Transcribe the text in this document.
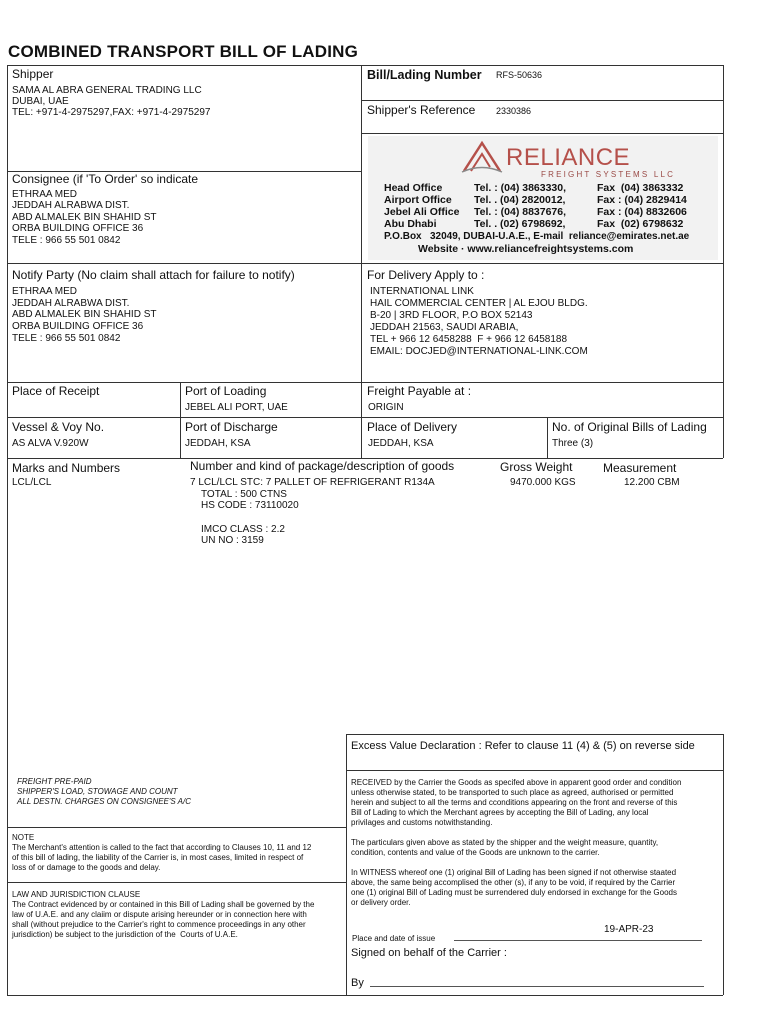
COMBINED TRANSPORT BILL OF LADING
Shipper
SAMA AL ABRA GENERAL TRADING LLC
DUBAI, UAE
TEL: +971-4-2975297,FAX: +971-4-2975297
Bill/Lading Number RFS-50636
Shipper's Reference 2330386
RELIANCE
FREIGHT SYSTEMS LLC
Head Office	Tel. : (04) 3863330,	Fax  (04) 3863332
Airport Office Tel. . (04) 2820012,	Fax : (04) 2829414
Jebel Ali Office Tel. : (04) 8837676,	Fax : (04) 8832606
Abu Dhabi	Tel. . (02) 6798692,	Fax  (02) 6798632
P.O.Box   32049, DUBAI-U.A.E., E-mail  reliance@emirates.net.ae
Website · www.reliancefreightsystems.com
Consignee (if 'To Order' so indicate
ETHRAA MED
JEDDAH ALRABWA DIST.
ABD ALMALEK BIN SHAHID ST
ORBA BUILDING OFFICE 36
TELE : 966 55 501 0842
Notify Party (No claim shall attach for failure to notify)
ETHRAA MED
JEDDAH ALRABWA DIST.
ABD ALMALEK BIN SHAHID ST
ORBA BUILDING OFFICE 36
TELE : 966 55 501 0842
For Delivery Apply to :
INTERNATIONAL LINK
HAIL COMMERCIAL CENTER | AL EJOU BLDG.
B-20 | 3RD FLOOR, P.O BOX 52143
JEDDAH 21563, SAUDI ARABIA,
TEL + 966 12 6458288  F + 966 12 6458188
EMAIL: DOCJED@INTERNATIONAL-LINK.COM
Place of Receipt	Port of Loading
JEBEL ALI PORT, UAE
Freight Payable at :
ORIGIN
Vessel & Voy No.
AS ALVA V.920W
Port of Discharge
JEDDAH, KSA
Place of Delivery
JEDDAH, KSA
No. of Original Bills of Lading
Three (3)
Marks and Numbers	Number and kind of package/description of goods	Gross Weight	Measurement
LCL/LCL	7 LCL/LCL STC: 7 PALLET OF REFRIGERANT R134A
TOTAL : 500 CTNS
HS CODE : 73110020
IMCO CLASS : 2.2
UN NO : 3159
9470.000 KGS	12.200 CBM
Excess Value Declaration : Refer to clause 11 (4) & (5) on reverse side
FREIGHT PRE-PAID
SHIPPER'S LOAD, STOWAGE AND COUNT
ALL DESTN. CHARGES ON CONSIGNEE'S A/C
NOTE
The Merchant's attention is called to the fact that according to Clauses 10, 11 and 12
of this bill of lading, the liability of the Carrier is, in most cases, limited in respect of
loss of or damage to the goods and delay.
LAW AND JURISDICTION CLAUSE
The Contract evidenced by or contained in this Bill of Lading shall be governed by the
law of U.A.E. and any claiim or dispute arising hereunder or in connection here with
shall (without prejudice to the Carrier's right to commence proceedings in any other
jurisdiction) be subject to the jurisdiction of the  Courts of U.A.E.
RECEIVED by the Carrier the Goods as specifed above in apparent good order and condition
unless otherwise stated, to be transported to such place as agreed, authorised or permitted
herein and subject to all the terms and cconditions appearing on the front and reverse of this
Bill of Lading to which the Merchant agrees by accepting the Bill of Lading, any local
privilages and customs notwithstanding.
The particulars given above as stated by the shipper and the weight measure, quantity,
condition, contents and value of the Goods are unknown to the carrier.
In WITNESS whereof one (1) original Bill of Lading has been signed if not otherwise staated
above, the same being accomplised the other (s), if any to be void, if required by the Carrier
one (1) original Bill of Lading must be surrendered duly endorsed in exchange for the Goods
or delivery order.
19-APR-23
Place and date of issue
Signed on behalf of the Carrier :
By
